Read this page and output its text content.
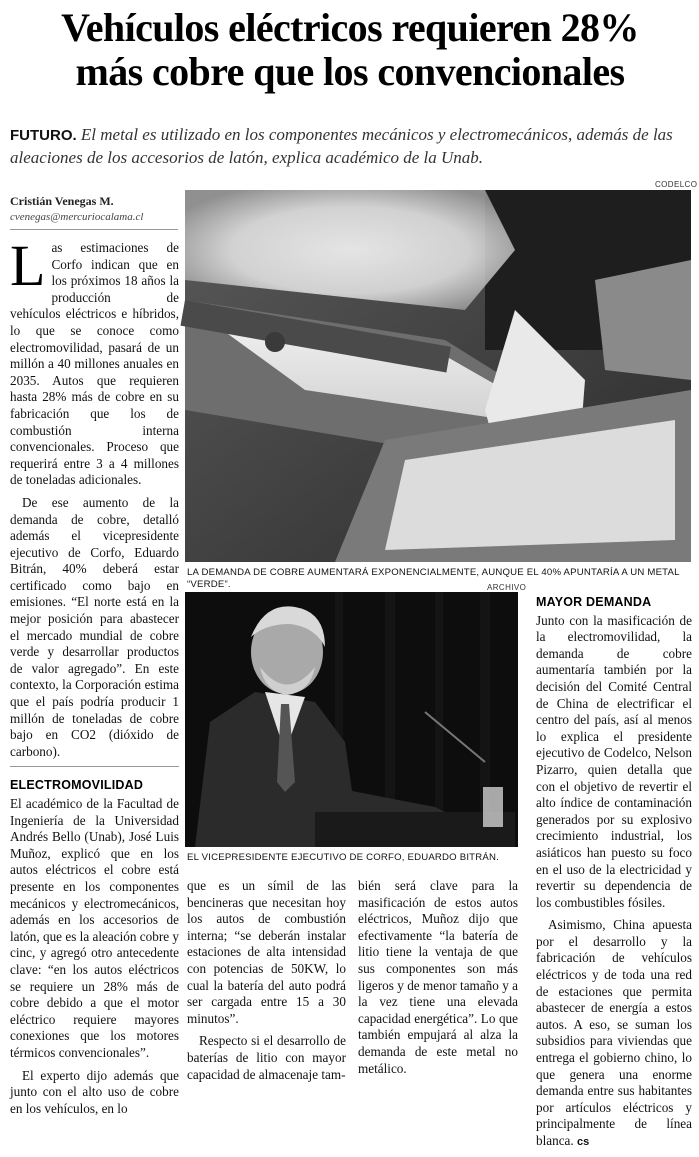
Vehículos eléctricos requieren 28%
más cobre que los convencionales
FUTURO. El metal es utilizado en los componentes mecánicos y electromecánicos, además de las aleaciones de los accesorios de latón, explica académico de la Unab.
Cristián Venegas M.
cvenegas@mercuriocalama.cl
CODELCO
LA DEMANDA DE COBRE AUMENTARÁ EXPONENCIALMENTE, AUNQUE EL 40% APUNTARÍA A UN METAL “VERDE”.	ARCHIVO
EL VICEPRESIDENTE EJECUTIVO DE CORFO, EDUARDO BITRÁN.

Las estimaciones de Corfo indican que en los próximos 18 años la producción de vehículos eléctricos e híbridos, lo que se conoce como electromovilidad, pasará de un millón a 40 millones anuales en 2035. Autos que requieren hasta 28% más de cobre en su fabricación que los de combustión interna convencionales. Proceso que requerirá entre 3 a 4 millones de toneladas adicionales.

De ese aumento de la demanda de cobre, detalló además el vicepresidente ejecutivo de Corfo, Eduardo Bitrán, 40% deberá estar certificado como bajo en emisiones. “El norte está en la mejor posición para abastecer el mercado mundial de cobre verde y desarrollar productos de valor agregado”. En este contexto, la Corporación estima que el país podría producir 1 millón de toneladas de cobre bajo en CO2 (dióxido de carbono).

ELECTROMOVILIDAD

El académico de la Facultad de Ingeniería de la Universidad Andrés Bello (Unab), José Luis Muñoz, explicó que en los autos eléctricos el cobre está presente en los componentes mecánicos y electromecánicos, además en los accesorios de latón, que es la aleación cobre y cinc, y agregó otro antecedente clave: “en los autos eléctricos se requiere un 28% más de cobre debido a que el motor eléctrico requiere mayores conexiones que los motores térmicos convencionales”.

El experto dijo además que junto con el alto uso de cobre en los vehículos, en lo

que es un símil de las bencineras que necesitan hoy los autos de combustión interna; “se deberán instalar estaciones de alta intensidad con potencias de 50KW, lo cual la batería del auto podrá ser cargada entre 15 a 30 minutos”.

Respecto si el desarrollo de baterías de litio con mayor capacidad de almacenaje tam-

bién será clave para la masificación de estos autos eléctricos, Muñoz dijo que efectivamente “la batería de litio tiene la ventaja de que sus componentes son más ligeros y de menor tamaño y a la vez tiene una elevada capacidad energética”. Lo que también empujará al alza la demanda de este metal no metálico.

MAYOR DEMANDA

Junto con la masificación de la electromovilidad, la demanda de cobre aumentaría también por la decisión del Comité Central de China de electrificar el centro del país, así al menos lo explica el presidente ejecutivo de Codelco, Nelson Pizarro, quien detalla que con el objetivo de revertir el alto índice de contaminación generados por su explosivo crecimiento industrial, los asiáticos han puesto su foco en el uso de la electricidad y revertir su dependencia de los combustibles fósiles.

Asimismo, China apuesta por el desarrollo y la fabricación de vehículos eléctricos y de toda una red de estaciones que permita abastecer de energía a estos autos. A eso, se suman los subsidios para viviendas que entrega el gobierno chino, lo que genera una enorme demanda entre sus habitantes por artículos eléctricos y principalmente de línea blanca. cs
